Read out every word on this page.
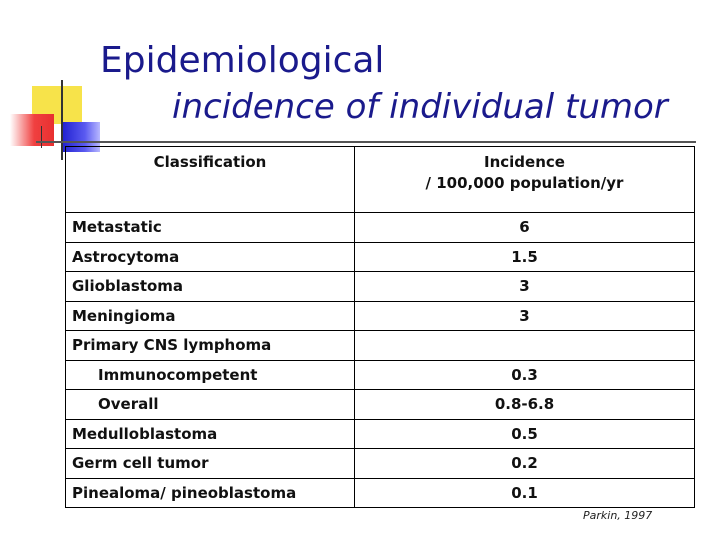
Epidemiological
incidence of individual tumor
Classification	Incidence
/ 100,000 population/yr

Metastatic	6
Astrocytoma	1.5
Glioblastoma	3
Meningioma	3
Primary CNS lymphoma	
Immunocompetent	0.3
Overall	0.8-6.8
Medulloblastoma	0.5
Germ cell tumor	0.2
Pinealoma/ pineoblastoma	0.1
Parkin, 1997
